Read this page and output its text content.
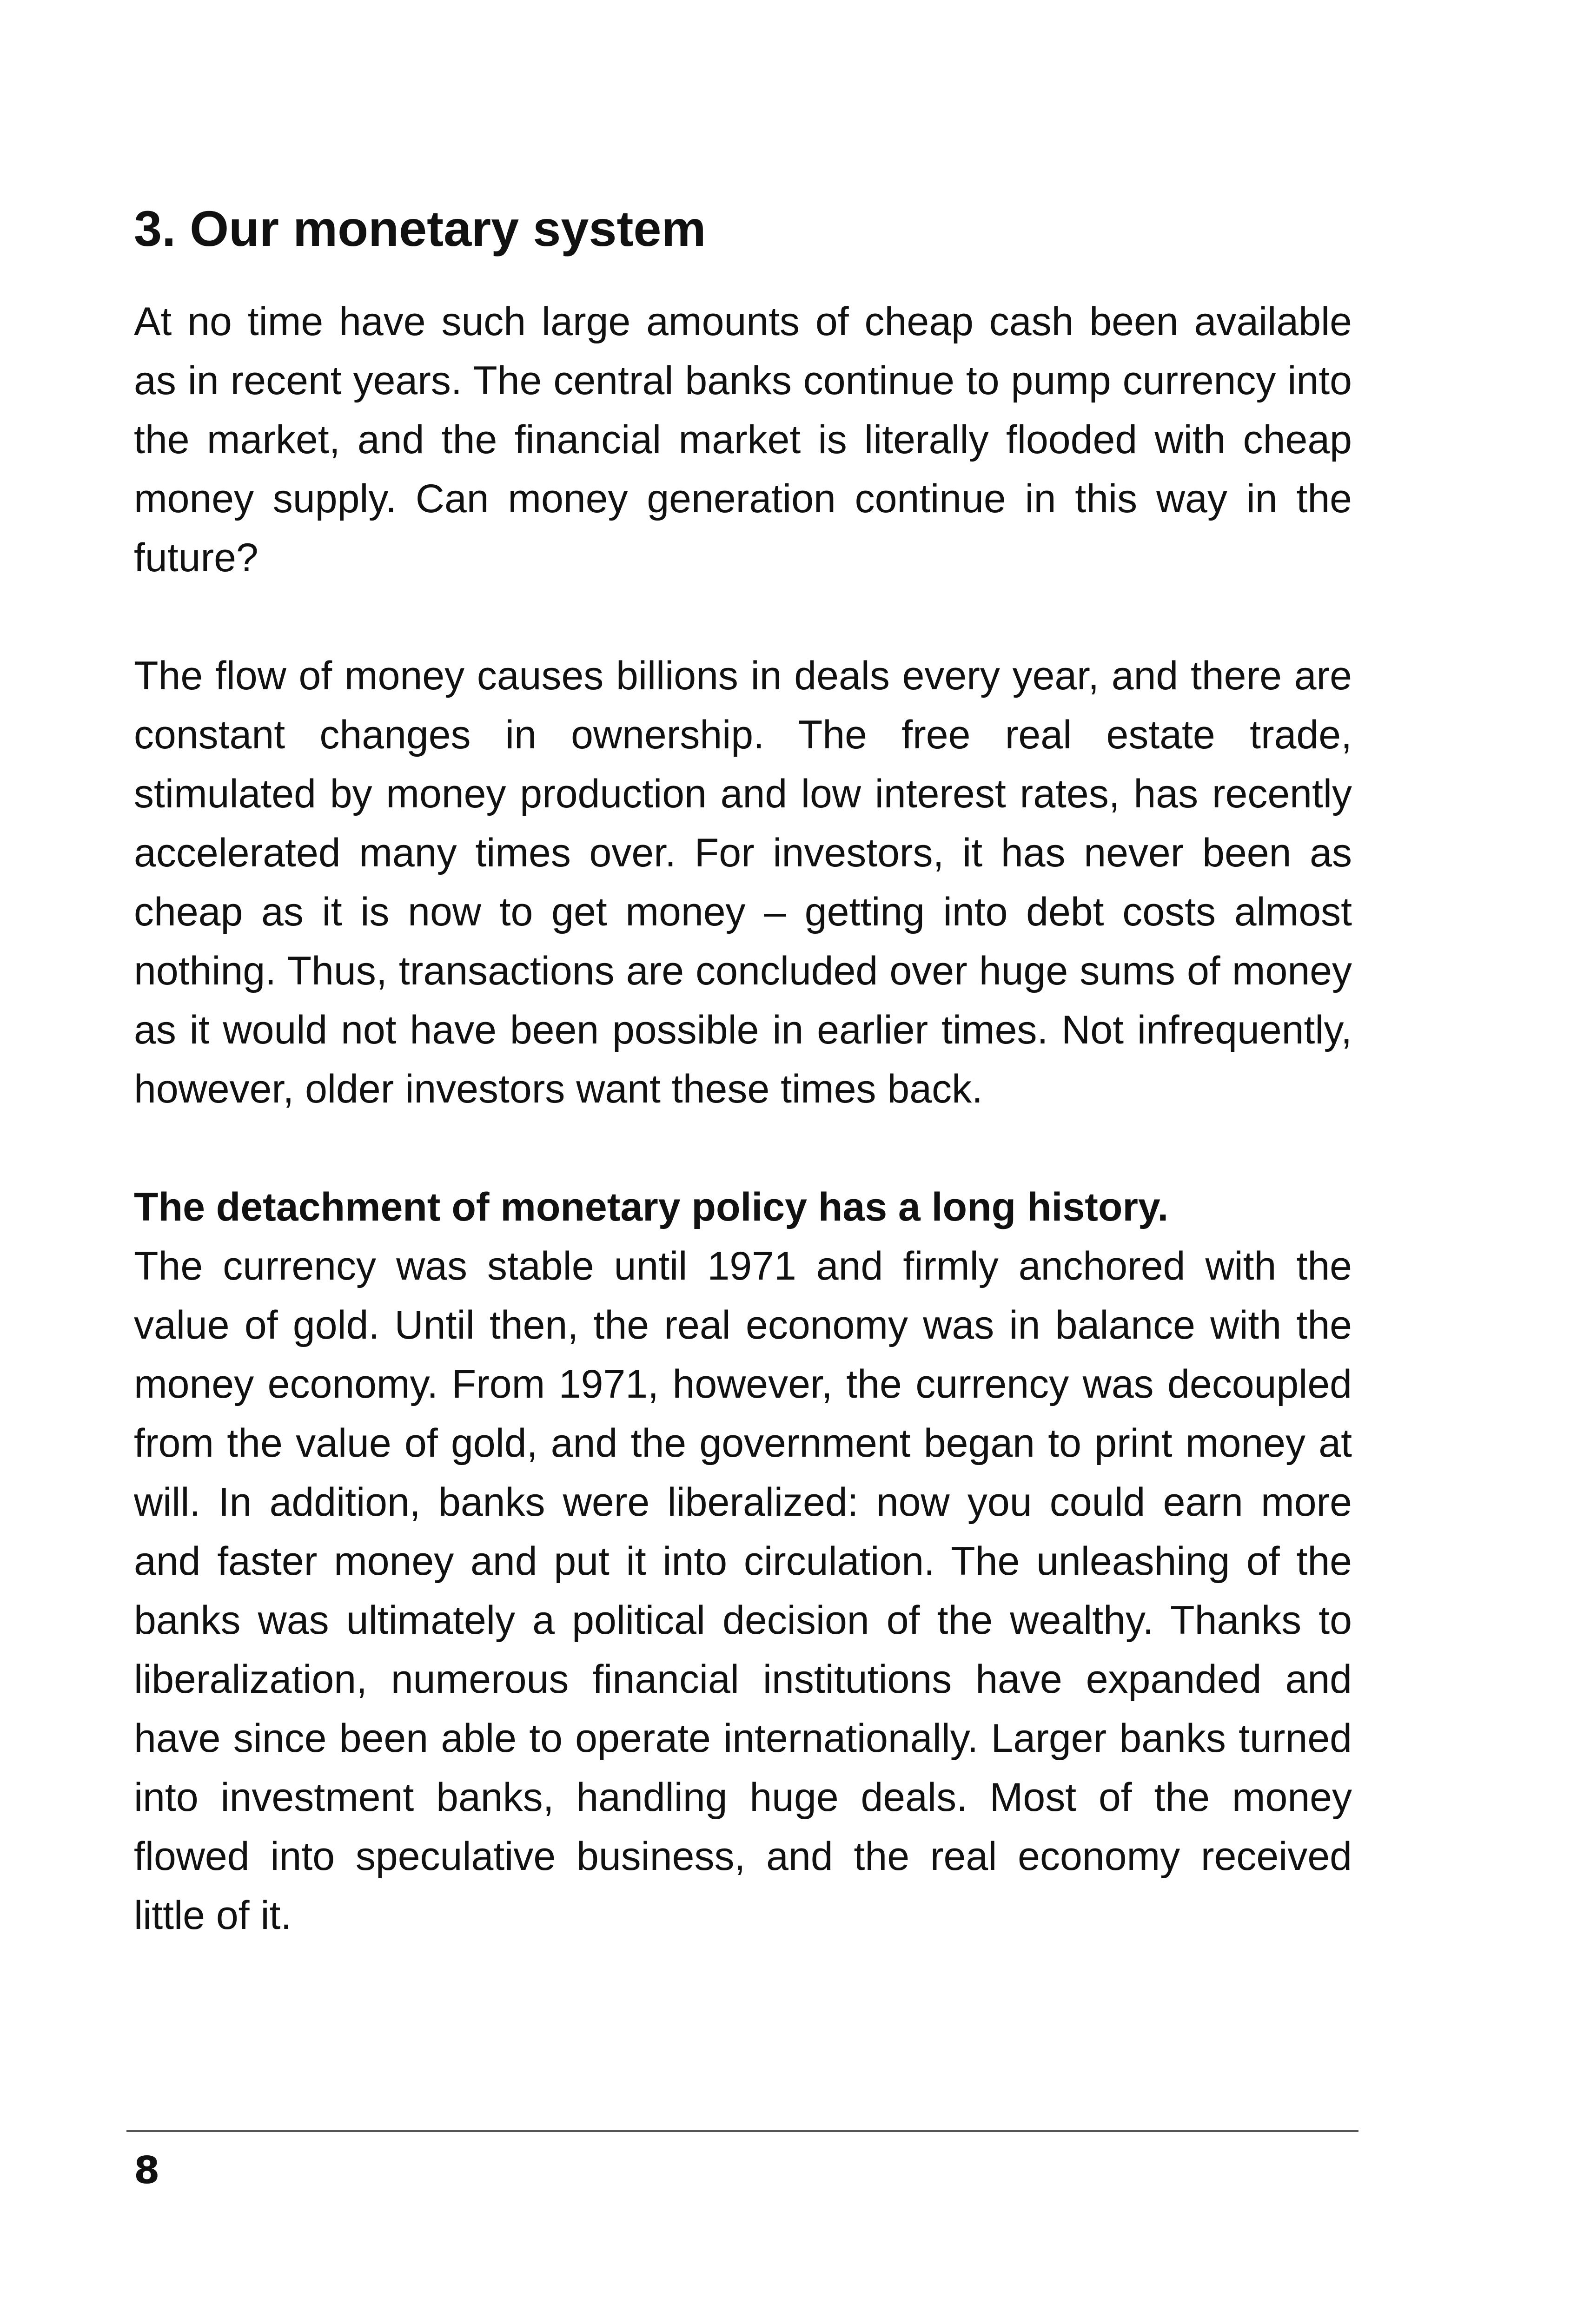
3. Our monetary system

At no time have such large amounts of cheap cash been available as in recent years. The central banks continue to pump currency into the market, and the financial market is literally flooded with cheap money supply. Can money generation continue in this way in the future?

The flow of money causes billions in deals every year, and there are constant changes in ownership. The free real estate trade, stimulated by money production and low interest rates, has recently accelerated many times over. For investors, it has never been as cheap as it is now to get money – getting into debt costs almost nothing. Thus, transactions are concluded over huge sums of money as it would not have been possible in earlier times. Not infrequently, however, older investors want these times back.

The detachment of monetary policy has a long history.

The currency was stable until 1971 and firmly anchored with the value of gold. Until then, the real economy was in balance with the money economy. From 1971, however, the currency was decoupled from the value of gold, and the government began to print money at will. In addition, banks were liberalized: now you could earn more and faster money and put it into circulation. The unleashing of the banks was ultimately a political decision of the wealthy. Thanks to liberalization, numerous financial institutions have expanded and have since been able to operate internationally. Larger banks turned into investment banks, handling huge deals. Most of the money flowed into speculative business, and the real economy received little of it.

8
